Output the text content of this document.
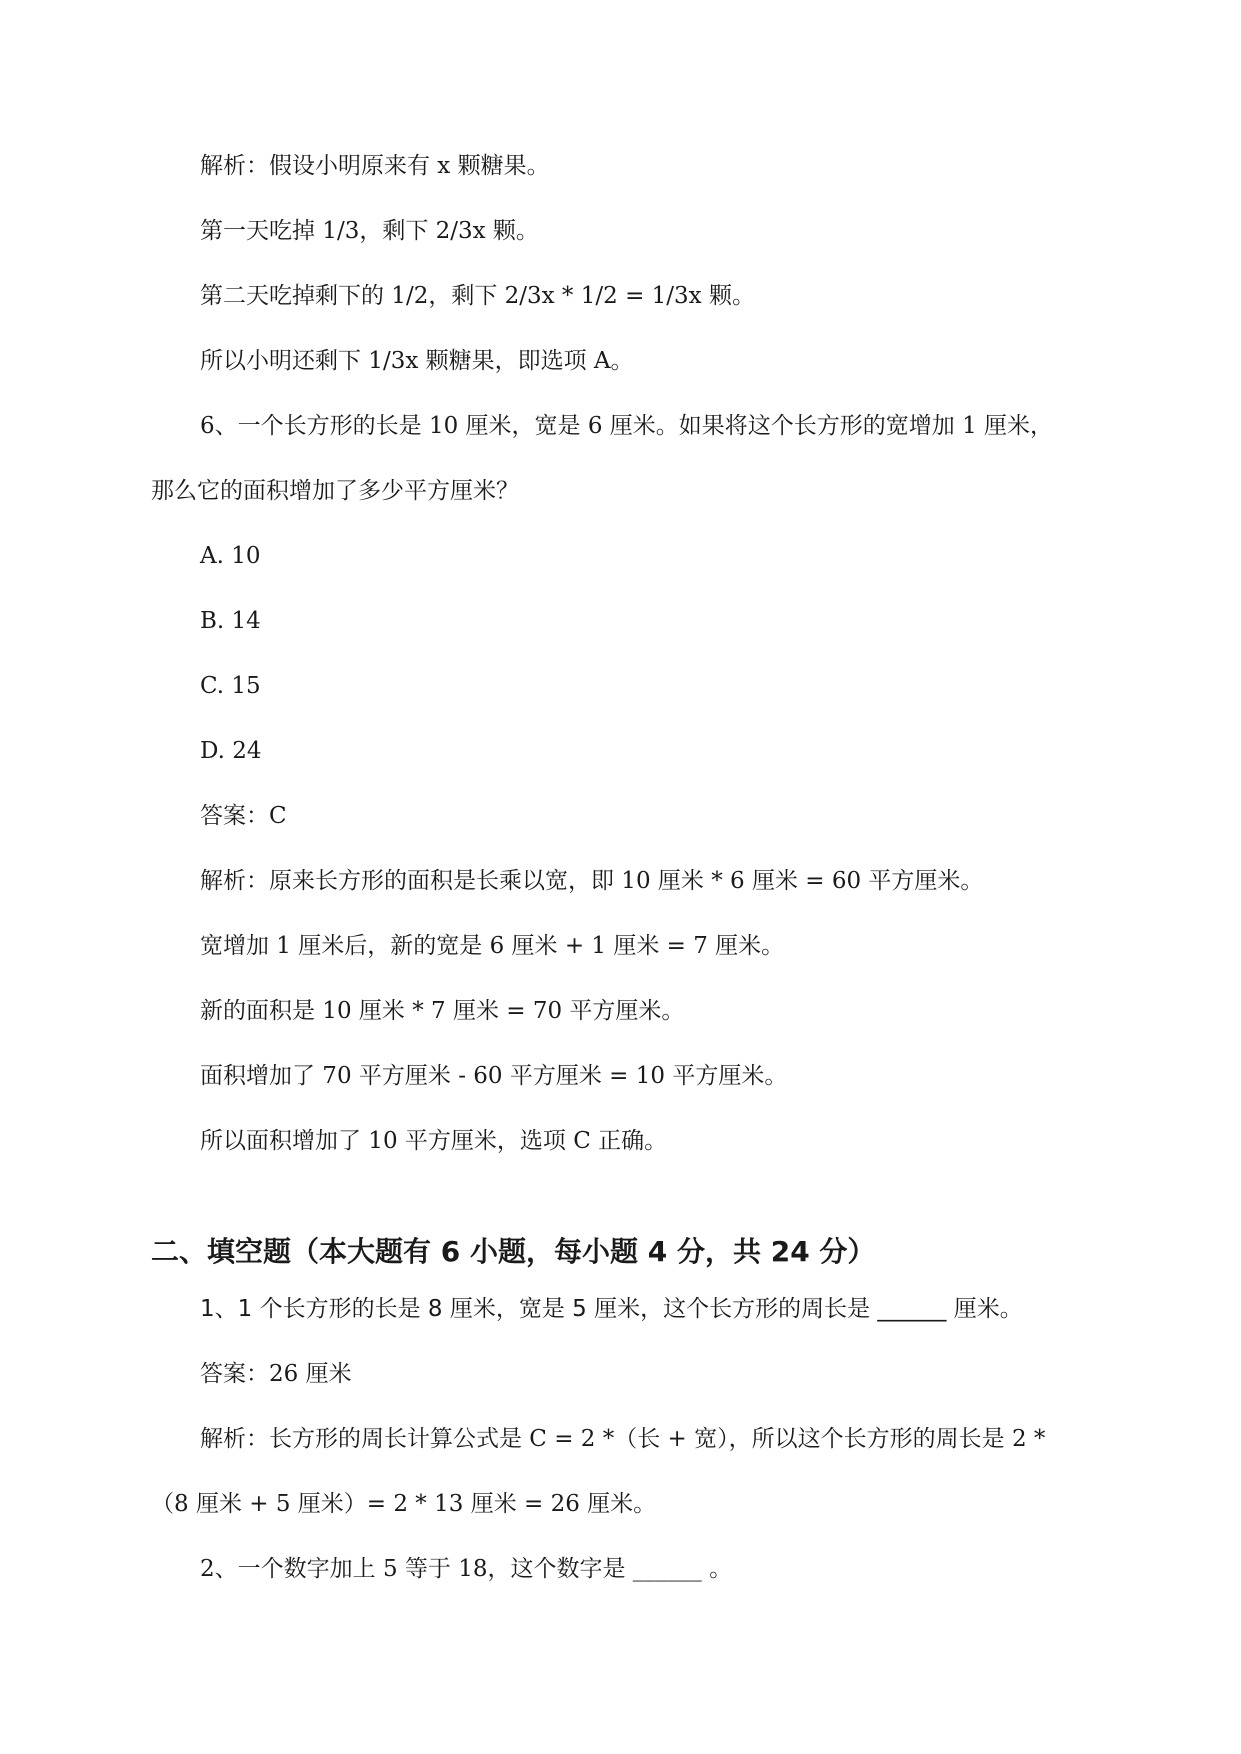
解析：假设小明原来有 x 颗糖果。
第一天吃掉 1/3，剩下 2/3x 颗。
第二天吃掉剩下的 1/2，剩下 2/3x * 1/2 = 1/3x 颗。
所以小明还剩下 1/3x 颗糖果，即选项 A。
6、一个长方形的长是 10 厘米，宽是 6 厘米。如果将这个长方形的宽增加 1 厘米，
那么它的面积增加了多少平方厘米？
A. 10
B. 14
C. 15
D. 24
答案：C
解析：原来长方形的面积是长乘以宽，即 10 厘米 * 6 厘米 = 60 平方厘米。
宽增加 1 厘米后，新的宽是 6 厘米 + 1 厘米 = 7 厘米。
新的面积是 10 厘米 * 7 厘米 = 70 平方厘米。
面积增加了 70 平方厘米 - 60 平方厘米 = 10 平方厘米。
所以面积增加了 10 平方厘米，选项 C 正确。
二、填空题（本大题有 6 小题，每小题 4 分，共 24 分）
1、1 个长方形的长是 8 厘米，宽是 5 厘米，这个长方形的周长是 ______ 厘米。
答案：26 厘米
解析：长方形的周长计算公式是 C = 2 *（长 + 宽），所以这个长方形的周长是 2 *
（8 厘米 + 5 厘米）= 2 * 13 厘米 = 26 厘米。
2、一个数字加上 5 等于 18，这个数字是 ______ 。
